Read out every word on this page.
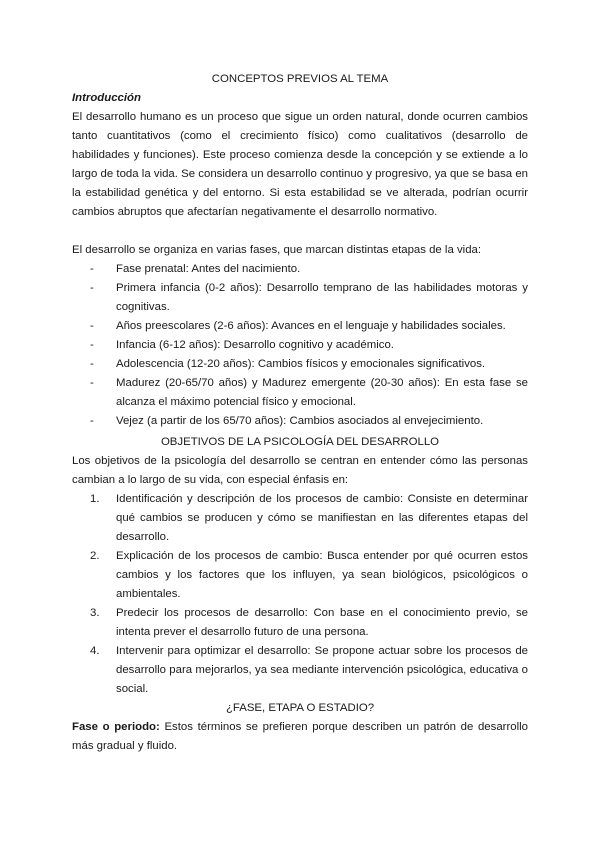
CONCEPTOS PREVIOS AL TEMA
Introducción

El desarrollo humano es un proceso que sigue un orden natural, donde ocurren cambios tanto cuantitativos (como el crecimiento físico) como cualitativos (desarrollo de habilidades y funciones). Este proceso comienza desde la concepción y se extiende a lo largo de toda la vida. Se considera un desarrollo continuo y progresivo, ya que se basa en la estabilidad genética y del entorno. Si esta estabilidad se ve alterada, podrían ocurrir cambios abruptos que afectarían negativamente el desarrollo normativo.

El desarrollo se organiza en varias fases, que marcan distintas etapas de la vida:

- Fase prenatal: Antes del nacimiento.
- Primera infancia (0-2 años): Desarrollo temprano de las habilidades motoras y cognitivas.
- Años preescolares (2-6 años): Avances en el lenguaje y habilidades sociales.
- Infancia (6-12 años): Desarrollo cognitivo y académico.
- Adolescencia (12-20 años): Cambios físicos y emocionales significativos.
- Madurez (20-65/70 años) y Madurez emergente (20-30 años): En esta fase se alcanza el máximo potencial físico y emocional.
- Vejez (a partir de los 65/70 años): Cambios asociados al envejecimiento.
OBJETIVOS DE LA PSICOLOGÍA DEL DESARROLLO

Los objetivos de la psicología del desarrollo se centran en entender cómo las personas cambian a lo largo de su vida, con especial énfasis en:

1. Identificación y descripción de los procesos de cambio: Consiste en determinar qué cambios se producen y cómo se manifiestan en las diferentes etapas del desarrollo.
2. Explicación de los procesos de cambio: Busca entender por qué ocurren estos cambios y los factores que los influyen, ya sean biológicos, psicológicos o ambientales.
3. Predecir los procesos de desarrollo: Con base en el conocimiento previo, se intenta prever el desarrollo futuro de una persona.
4. Intervenir para optimizar el desarrollo: Se propone actuar sobre los procesos de desarrollo para mejorarlos, ya sea mediante intervención psicológica, educativa o social.
¿FASE, ETAPA O ESTADIO?

Fase o periodo: Estos términos se prefieren porque describen un patrón de desarrollo más gradual y fluido.
